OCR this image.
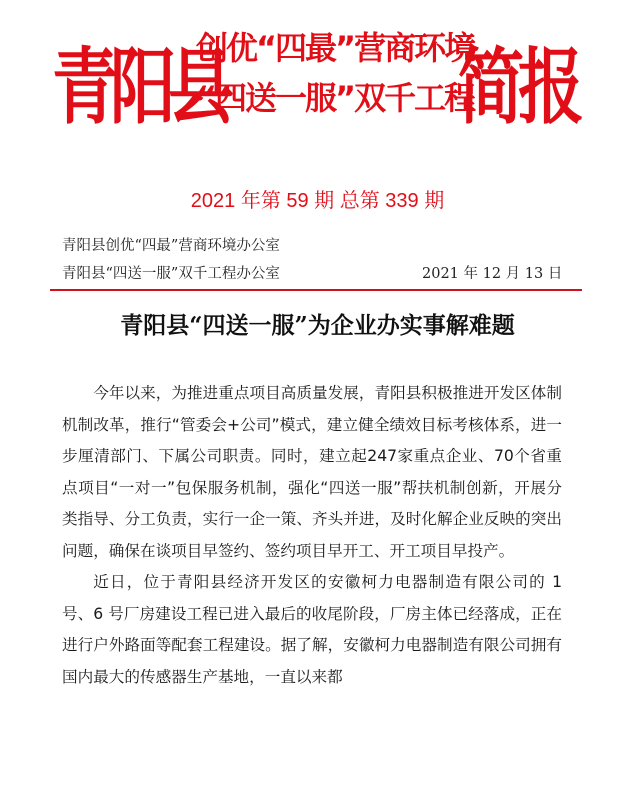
青阳县
创优“四最”营商环境
“四送一服”双千工程
简报
2021 年第 59 期 总第 339 期
青阳县创优“四最”营商环境办公室
青阳县“四送一服”双千工程办公室	2021 年 12 月 13 日
青阳县“四送一服”为企业办实事解难题

今年以来，为推进重点项目高质量发展，青阳县积极推进开发区体制机制改革，推行“管委会+公司”模式，建立健全绩效目标考核体系，进一步厘清部门、下属公司职责。同时，建立起247家重点企业、70个省重点项目“一对一”包保服务机制，强化“四送一服”帮扶机制创新，开展分类指导、分工负责，实行一企一策、齐头并进，及时化解企业反映的突出问题，确保在谈项目早签约、签约项目早开工、开工项目早投产。

近日，位于青阳县经济开发区的安徽柯力电器制造有限公司的 1 号、6 号厂房建设工程已进入最后的收尾阶段，厂房主体已经落成，正在进行户外路面等配套工程建设。据了解，安徽柯力电器制造有限公司拥有国内最大的传感器生产基地，一直以来都
